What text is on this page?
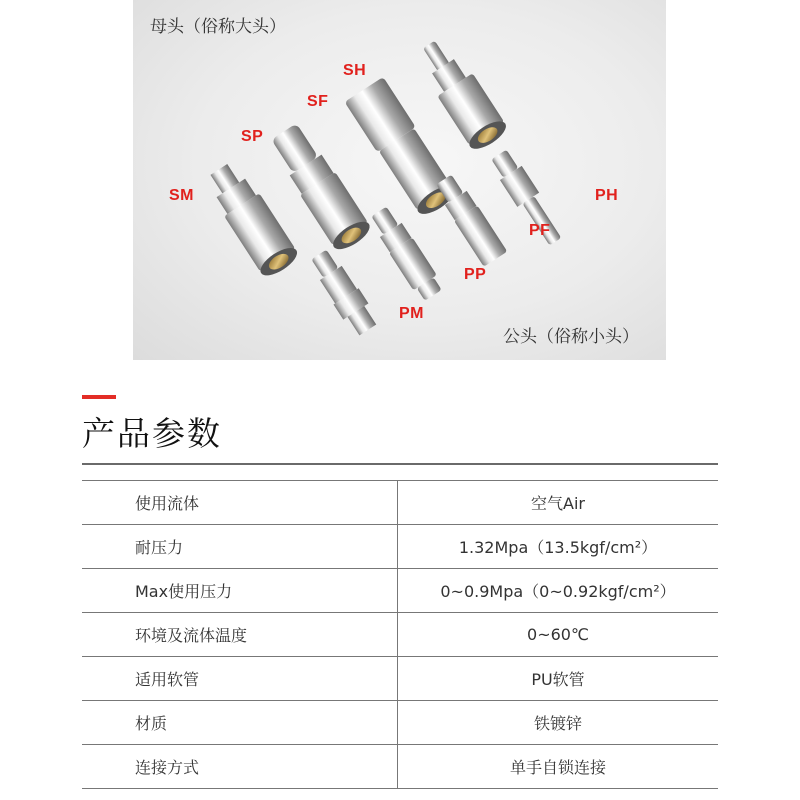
母头（俗称大头）
公头（俗称小头）
SH
SF
SP
SM	PH
PF
PP
PM
产品参数
使用流体	空气Air
耐压力	1.32Mpa（13.5kgf/cm²）
Max使用压力	0~0.9Mpa（0~0.92kgf/cm²）
环境及流体温度	0~60℃
适用软管	PU软管
材质	铁镀锌
连接方式	单手自锁连接
